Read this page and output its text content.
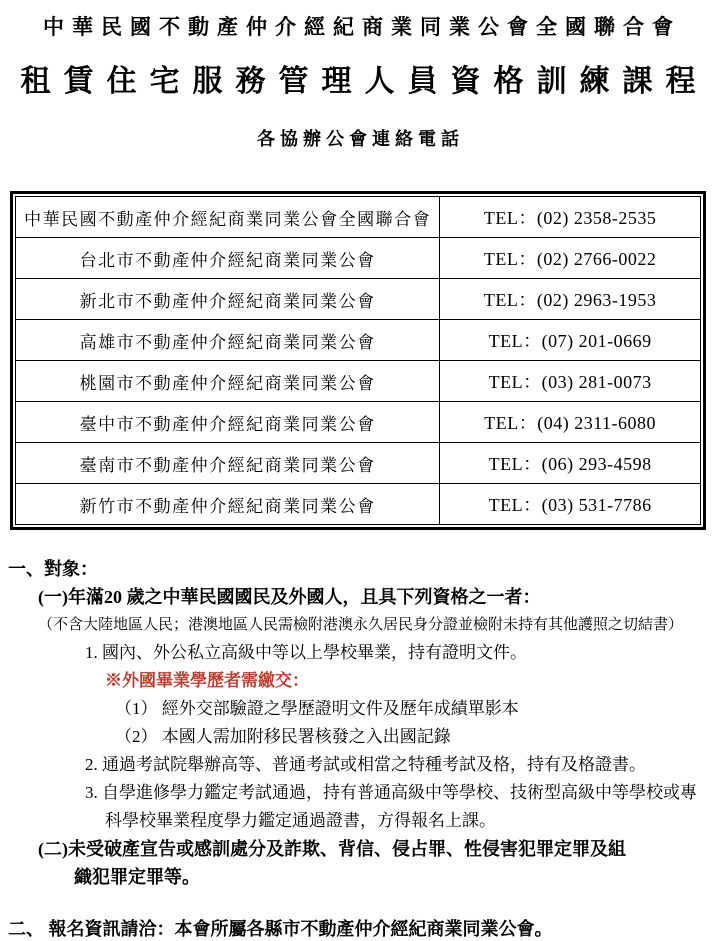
中華民國不動產仲介經紀商業同業公會全國聯合會
租賃住宅服務管理人員資格訓練課程
各協辦公會連絡電話
中華民國不動產仲介經紀商業同業公會全國聯合會	TEL：(02) 2358-2535
台北市不動產仲介經紀商業同業公會	TEL：(02) 2766-0022
新北市不動產仲介經紀商業同業公會	TEL：(02) 2963-1953
高雄市不動產仲介經紀商業同業公會	TEL：(07) 201-0669
桃園市不動產仲介經紀商業同業公會	TEL：(03) 281-0073
臺中市不動產仲介經紀商業同業公會	TEL：(04) 2311-6080
臺南市不動產仲介經紀商業同業公會	TEL：(06) 293-4598
新竹市不動產仲介經紀商業同業公會	TEL：(03) 531-7786
一、對象：
(一)年滿20 歲之中華民國國民及外國人，且具下列資格之一者：
（不含大陸地區人民；港澳地區人民需檢附港澳永久居民身分證並檢附未持有其他護照之切結書）
1. 國內、外公私立高級中等以上學校畢業，持有證明文件。
※外國畢業學歷者需繳交：
（1） 經外交部驗證之學歷證明文件及歷年成績單影本
（2） 本國人需加附移民署核發之入出國記錄
2. 通過考試院舉辦高等、普通考試或相當之特種考試及格，持有及格證書。
3. 自學進修學力鑑定考試通過，持有普通高級中等學校、技術型高級中等學校或專
科學校畢業程度學力鑑定通過證書，方得報名上課。
(二)未受破產宣告或感訓處分及詐欺、背信、侵占罪、性侵害犯罪定罪及組
織犯罪定罪等。
二、 報名資訊請洽：本會所屬各縣市不動產仲介經紀商業同業公會。
